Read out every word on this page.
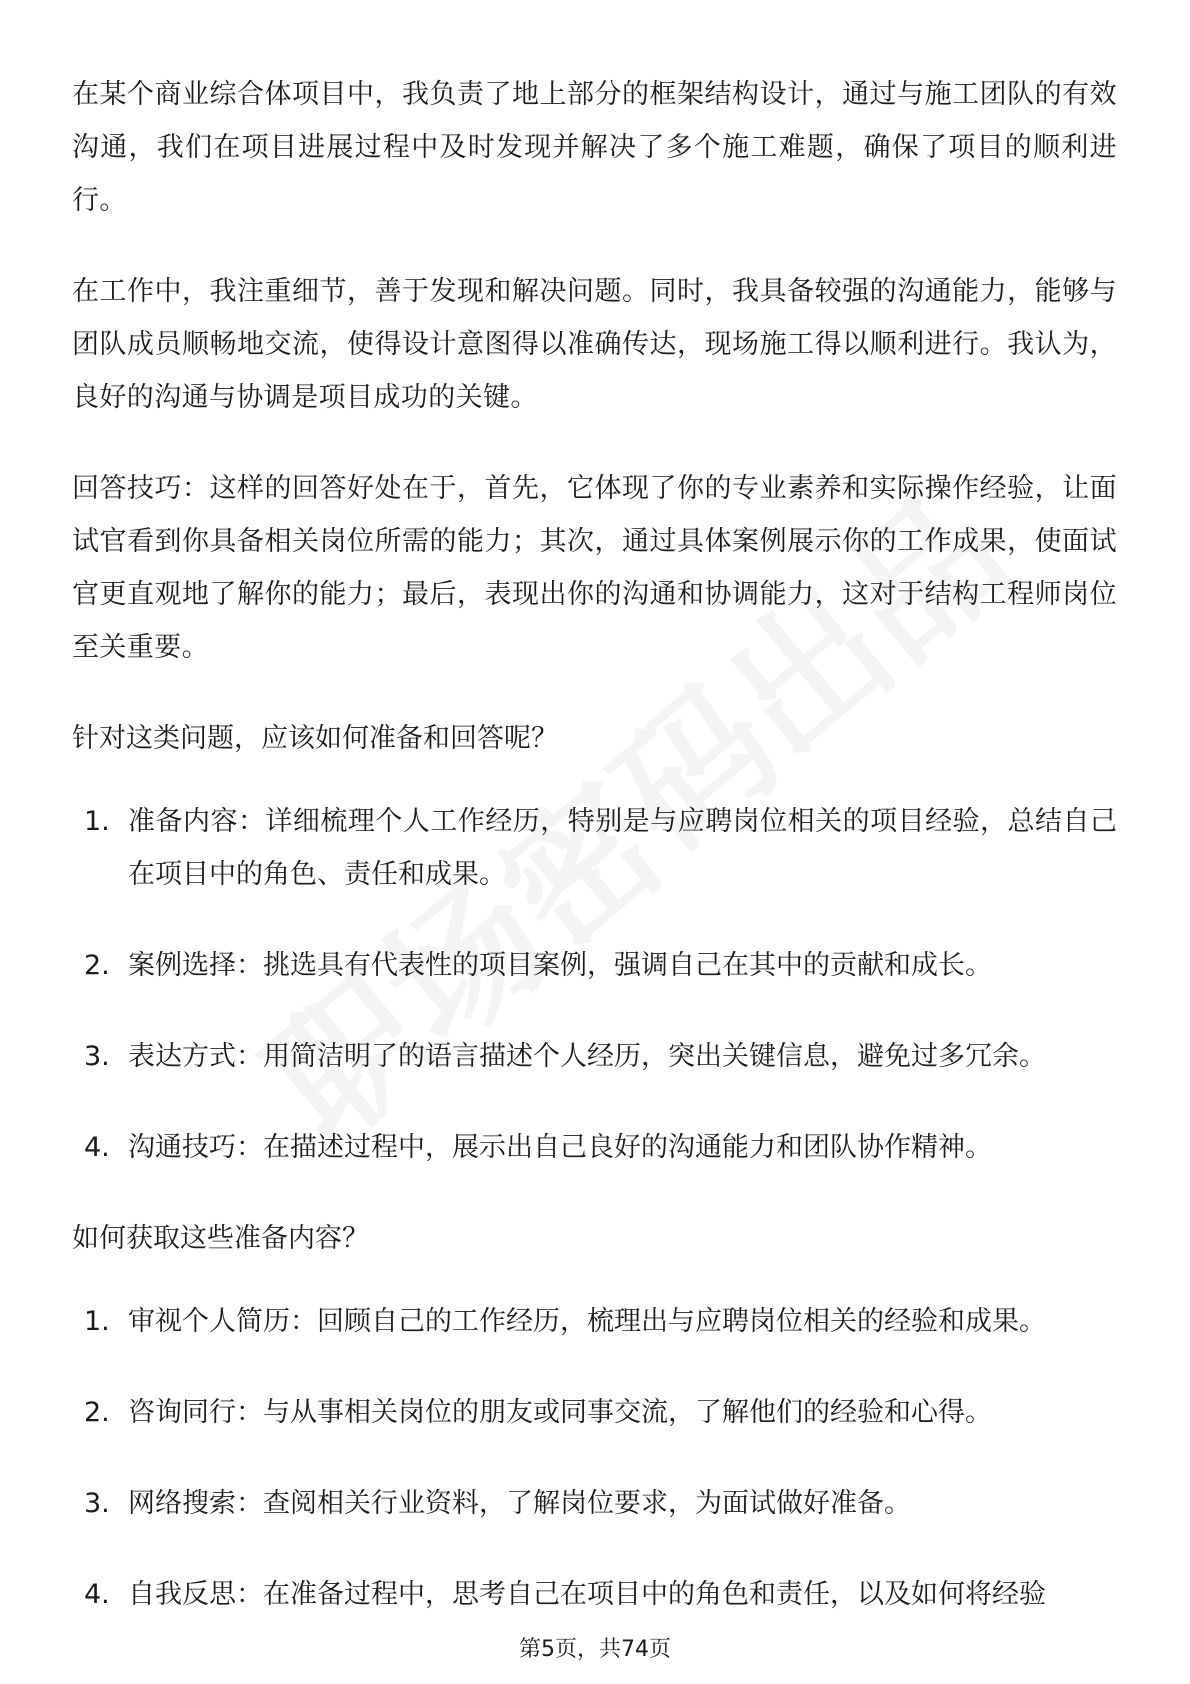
在某个商业综合体项目中，我负责了地上部分的框架结构设计，通过与施工团队的有效沟通，我们在项目进展过程中及时发现并解决了多个施工难题，确保了项目的顺利进行。

在工作中，我注重细节，善于发现和解决问题。同时，我具备较强的沟通能力，能够与团队成员顺畅地交流，使得设计意图得以准确传达，现场施工得以顺利进行。我认为，良好的沟通与协调是项目成功的关键。

回答技巧：这样的回答好处在于，首先，它体现了你的专业素养和实际操作经验，让面试官看到你具备相关岗位所需的能力；其次，通过具体案例展示你的工作成果，使面试官更直观地了解你的能力；最后，表现出你的沟通和协调能力，这对于结构工程师岗位至关重要。

针对这类问题，应该如何准备和回答呢？

1. 准备内容：详细梳理个人工作经历，特别是与应聘岗位相关的项目经验，总结自己在项目中的角色、责任和成果。
2. 案例选择：挑选具有代表性的项目案例，强调自己在其中的贡献和成长。
3. 表达方式：用简洁明了的语言描述个人经历，突出关键信息，避免过多冗余。
4. 沟通技巧：在描述过程中，展示出自己良好的沟通能力和团队协作精神。

如何获取这些准备内容？

1. 审视个人简历：回顾自己的工作经历，梳理出与应聘岗位相关的经验和成果。
2. 咨询同行：与从事相关岗位的朋友或同事交流，了解他们的经验和心得。
3. 网络搜索：查阅相关行业资料，了解岗位要求，为面试做好准备。
4. 自我反思：在准备过程中，思考自己在项目中的角色和责任，以及如何将经验
第5页，共74页
